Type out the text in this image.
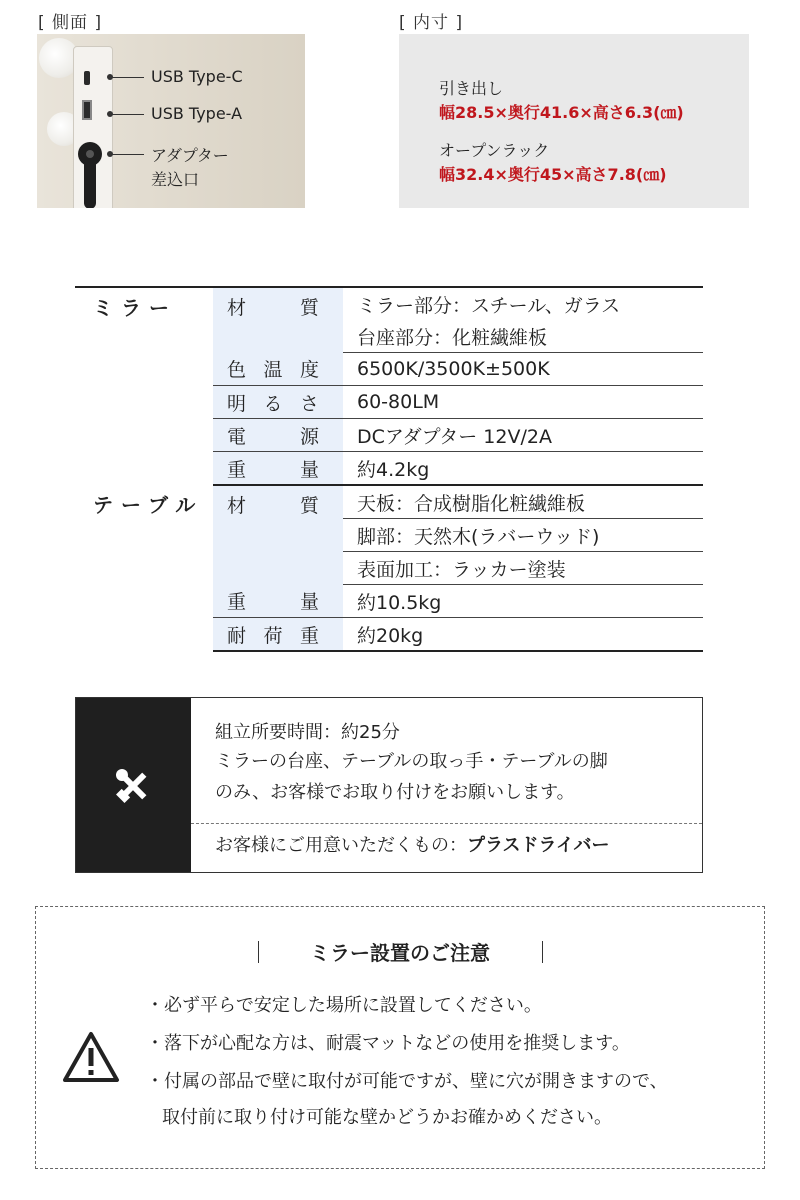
[ 側面 ]	[ 内寸 ]
USB Type-C
USB Type-A
アダプター
差込口
引き出し
幅28.5×奥行41.6×高さ6.3(㎝)
オープンラック
幅32.4×奥行45×高さ7.8(㎝)
ミラー	材 質	ミラー部分：スチール、ガラス
		台座部分：化粧繊維板

	色 温 度	6500K/3500K±500K

	明 る さ	60-80LM

	電 源	DCアダプター 12V/2A

	重 量	約4.2kg
テーブル	材 質	天板：合成樹脂化粧繊維板
		脚部：天然木(ラバーウッド)
		表面加工：ラッカー塗装

	重 量	約10.5kg

	耐 荷 重	約20kg
組立所要時間：約25分
ミラーの台座、テーブルの取っ手・テーブルの脚
のみ、お客様でお取り付けをお願いします。
お客様にご用意いただくもの：プラスドライバー
ミラー設置のご注意
・必ず平らで安定した場所に設置してください。
・落下が心配な方は、耐震マットなどの使用を推奨します。
・付属の部品で壁に取付が可能ですが、壁に穴が開きますので、
取付前に取り付け可能な壁かどうかお確かめください。
